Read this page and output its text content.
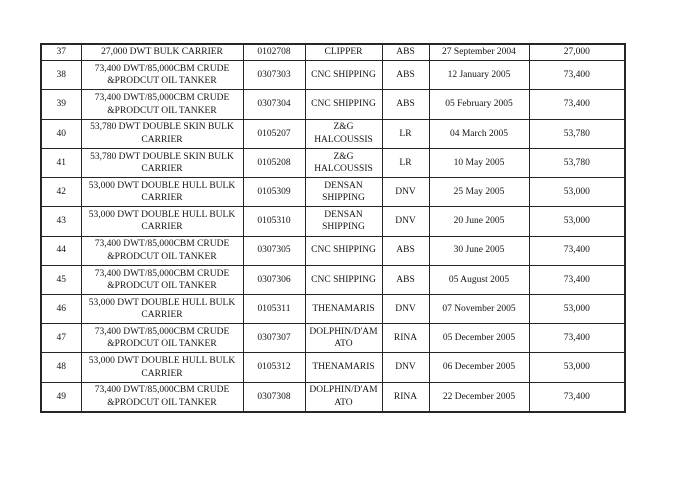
37	27,000 DWT BULK CARRIER	0102708	CLIPPER	ABS	27 September 2004	27,000
38	73,400 DWT/85,000CBM CRUDE
&PRODCUT OIL TANKER	0307303	CNC SHIPPING	ABS	12 January 2005	73,400
39	73,400 DWT/85,000CBM CRUDE
&PRODCUT OIL TANKER	0307304	CNC SHIPPING	ABS	05 February 2005	73,400
40	53,780 DWT DOUBLE SKIN BULK
CARRIER	0105207	Z&G
HALCOUSSIS	LR	04 March 2005	53,780
41	53,780 DWT DOUBLE SKIN BULK
CARRIER	0105208	Z&G
HALCOUSSIS	LR	10 May 2005	53,780
42	53,000 DWT DOUBLE HULL BULK
CARRIER	0105309	DENSAN
SHIPPING	DNV	25 May 2005	53,000
43	53,000 DWT DOUBLE HULL BULK
CARRIER	0105310	DENSAN
SHIPPING	DNV	20 June 2005	53,000
44	73,400 DWT/85,000CBM CRUDE
&PRODCUT OIL TANKER	0307305	CNC SHIPPING	ABS	30 June 2005	73,400
45	73,400 DWT/85,000CBM CRUDE
&PRODCUT OIL TANKER	0307306	CNC SHIPPING	ABS	05 August 2005	73,400
46	53,000 DWT DOUBLE HULL BULK
CARRIER	0105311	THENAMARIS	DNV	07 November 2005	53,000
47	73,400 DWT/85,000CBM CRUDE
&PRODCUT OIL TANKER	0307307	DOLPHIN/D'AM
ATO	RINA	05 December 2005	73,400
48	53,000 DWT DOUBLE HULL BULK
CARRIER	0105312	THENAMARIS	DNV	06 December 2005	53,000
49	73,400 DWT/85,000CBM CRUDE
&PRODCUT OIL TANKER	0307308	DOLPHIN/D'AM
ATO	RINA	22 December 2005	73,400
